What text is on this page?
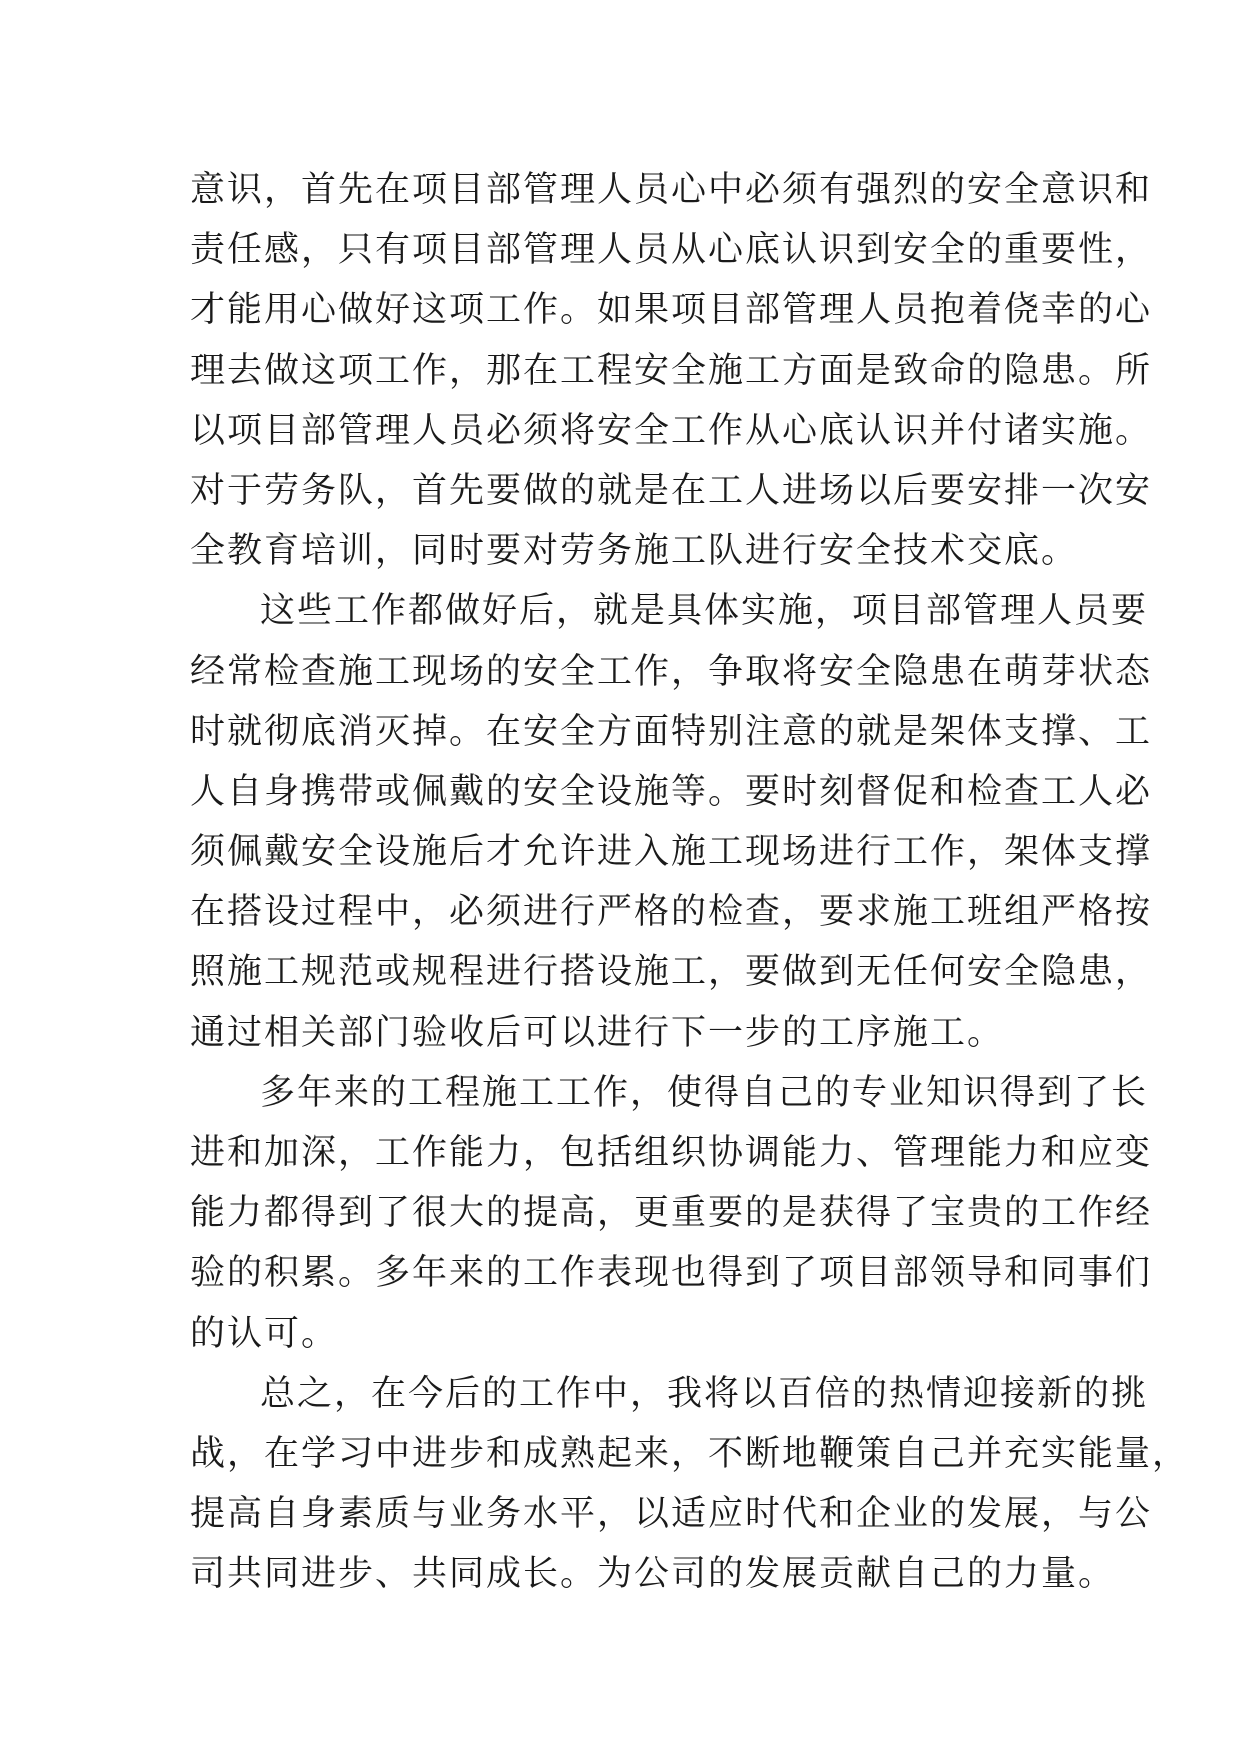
意识，首先在项目部管理人员心中必须有强烈的安全意识和
责任感，只有项目部管理人员从心底认识到安全的重要性，
才能用心做好这项工作。如果项目部管理人员抱着侥幸的心
理去做这项工作，那在工程安全施工方面是致命的隐患。所
以项目部管理人员必须将安全工作从心底认识并付诸实施。
对于劳务队，首先要做的就是在工人进场以后要安排一次安
全教育培训，同时要对劳务施工队进行安全技术交底。
这些工作都做好后，就是具体实施，项目部管理人员要
经常检查施工现场的安全工作，争取将安全隐患在萌芽状态
时就彻底消灭掉。在安全方面特别注意的就是架体支撑、工
人自身携带或佩戴的安全设施等。要时刻督促和检查工人必
须佩戴安全设施后才允许进入施工现场进行工作，架体支撑
在搭设过程中，必须进行严格的检查，要求施工班组严格按
照施工规范或规程进行搭设施工，要做到无任何安全隐患，
通过相关部门验收后可以进行下一步的工序施工。
多年来的工程施工工作，使得自己的专业知识得到了长
进和加深，工作能力，包括组织协调能力、管理能力和应变
能力都得到了很大的提高，更重要的是获得了宝贵的工作经
验的积累。多年来的工作表现也得到了项目部领导和同事们
的认可。
总之，在今后的工作中，我将以百倍的热情迎接新的挑
战，在学习中进步和成熟起来，不断地鞭策自己并充实能量，
提高自身素质与业务水平，以适应时代和企业的发展，与公
司共同进步、共同成长。为公司的发展贡献自己的力量。
